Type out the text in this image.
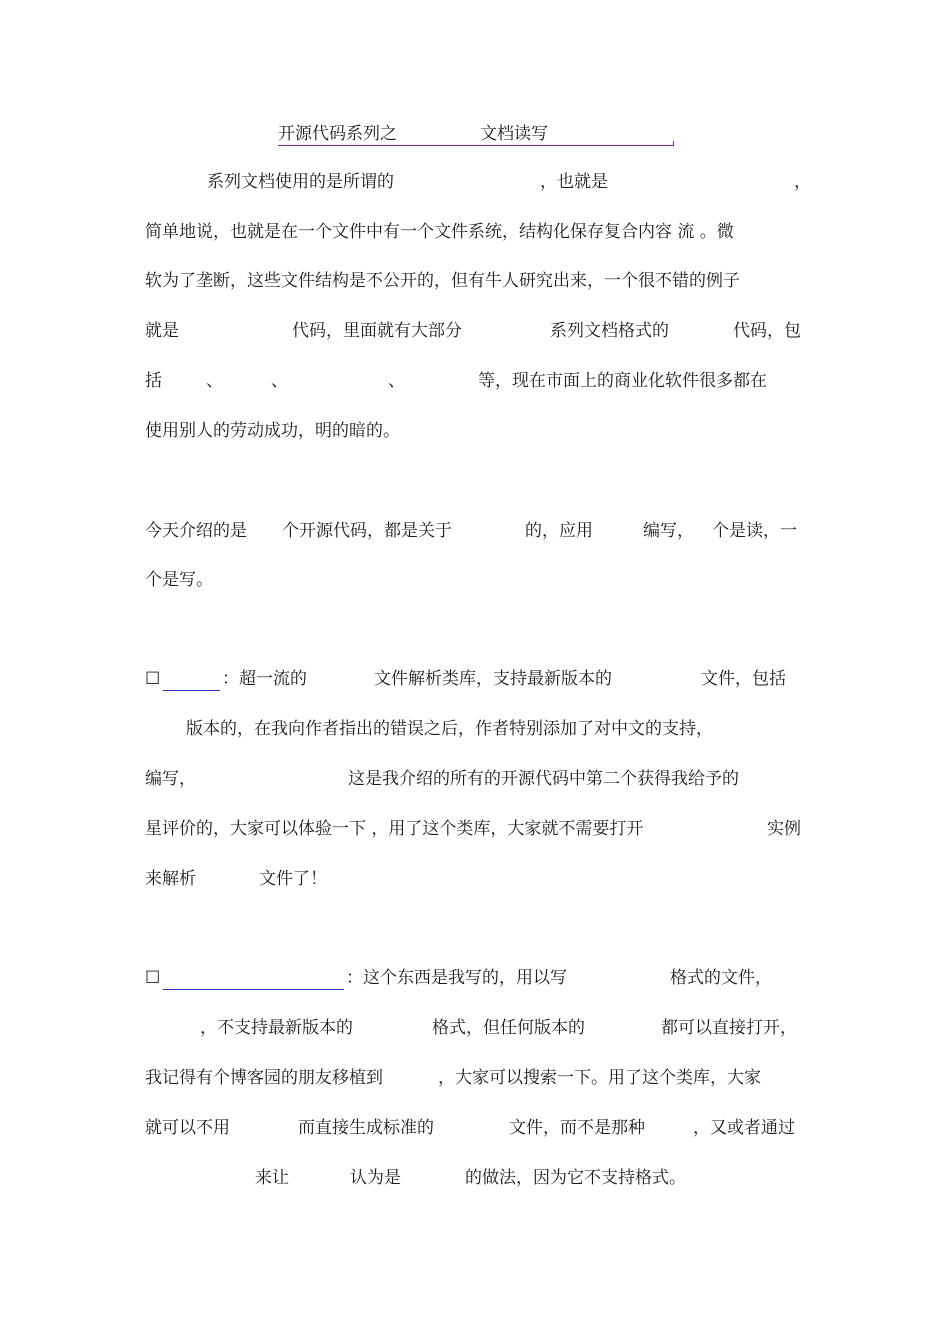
开源代码系列之	文档读写
系列文档使用的是所谓的	，也就是	，
简单地说，也就是在一个文件中有一个文件系统，结构化保存复合内容 流 。微
软为了垄断，这些文件结构是不公开的，但有牛人研究出来，一个很不错的例子
就是	代码，里面就有大部分	系列文档格式的	代码，包
括	、	、	、	等，现在市面上的商业化软件很多都在
使用别人的劳动成功，明的暗的。
今天介绍的是 个开源代码，都是关于	的，应用	编写， 个是读，一
个是写。
☐	：超一流的	文件解析类库，支持最新版本的	文件，包括
版本的，在我向作者指出的错误之后，作者特别添加了对中文的支持，
编写，	这是我介绍的所有的开源代码中第二个获得我给予的
星评价的，大家可以体验一下 ，用了这个类库，大家就不需要打开	实例
来解析	文件了！
☐	：这个东西是我写的，用以写	格式的文件，
，不支持最新版本的	格式，但任何版本的	都可以直接打开，
我记得有个博客园的朋友移植到	，大家可以搜索一下。用了这个类库，大家
就可以不用	而直接生成标准的	文件，而不是那种	，又或者通过
来让	认为是	的做法，因为它不支持格式。
